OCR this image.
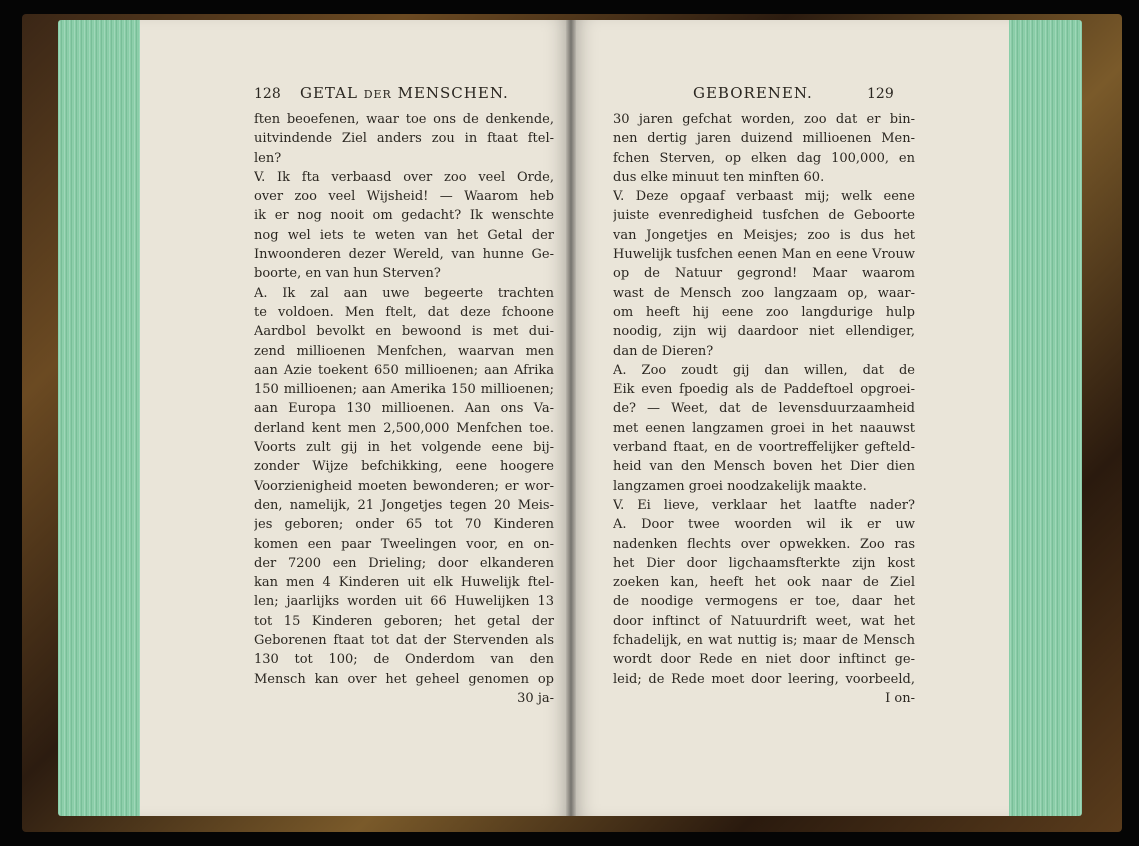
128 GETAL DER MENSCHEN.
ften beoefenen, waar toe ons de denkende,
uitvindende Ziel anders zou in ftaat ftel-
len?
V. Ik fta verbaasd over zoo veel Orde,
over zoo veel Wijsheid! — Waarom heb
ik er nog nooit om gedacht? Ik wenschte
nog wel iets te weten van het Getal der
Inwoonderen dezer Wereld, van hunne Ge-
boorte, en van hun Sterven?
A. Ik zal aan uwe begeerte trachten
te voldoen. Men ftelt, dat deze fchoone
Aardbol bevolkt en bewoond is met dui-
zend millioenen Menfchen, waarvan men
aan Azie toekent 650 millioenen; aan Afrika
150 millioenen; aan Amerika 150 millioenen;
aan Europa 130 millioenen. Aan ons Va-
derland kent men 2,500,000 Menfchen toe.
Voorts zult gij in het volgende eene bij-
zonder Wijze befchikking, eene hoogere
Voorzienigheid moeten bewonderen; er wor-
den, namelijk, 21 Jongetjes tegen 20 Meis-
jes geboren; onder 65 tot 70 Kinderen
komen een paar Tweelingen voor, en on-
der 7200 een Drieling; door elkanderen
kan men 4 Kinderen uit elk Huwelijk ftel-
len; jaarlijks worden uit 66 Huwelijken 13
tot 15 Kinderen geboren; het getal der
Geborenen ftaat tot dat der Stervenden als
130 tot 100; de Onderdom van den
Mensch kan over het geheel genomen op
30 ja-
GEBORENEN.	129
30 jaren gefchat worden, zoo dat er bin-
nen dertig jaren duizend millioenen Men-
fchen Sterven, op elken dag 100,000, en
dus elke minuut ten minften 60.
V. Deze opgaaf verbaast mij; welk eene
juiste evenredigheid tusfchen de Geboorte
van Jongetjes en Meisjes; zoo is dus het
Huwelijk tusfchen eenen Man en eene Vrouw
op de Natuur gegrond! Maar waarom
wast de Mensch zoo langzaam op, waar-
om heeft hij eene zoo langdurige hulp
noodig, zijn wij daardoor niet ellendiger,
dan de Dieren?
A. Zoo zoudt gij dan willen, dat de
Eik even fpoedig als de Paddeftoel opgroei-
de? — Weet, dat de levensduurzaamheid
met eenen langzamen groei in het naauwst
verband ftaat, en de voortreffelijker gefteld-
heid van den Mensch boven het Dier dien
langzamen groei noodzakelijk maakte.
V. Ei lieve, verklaar het laatfte nader?
A. Door twee woorden wil ik er uw
nadenken flechts over opwekken. Zoo ras
het Dier door ligchaamsfterkte zijn kost
zoeken kan, heeft het ook naar de Ziel
de noodige vermogens er toe, daar het
door inftinct of Natuurdrift weet, wat het
fchadelijk, en wat nuttig is; maar de Mensch
wordt door Rede en niet door inftinct ge-
leid; de Rede moet door leering, voorbeeld,
I on-
